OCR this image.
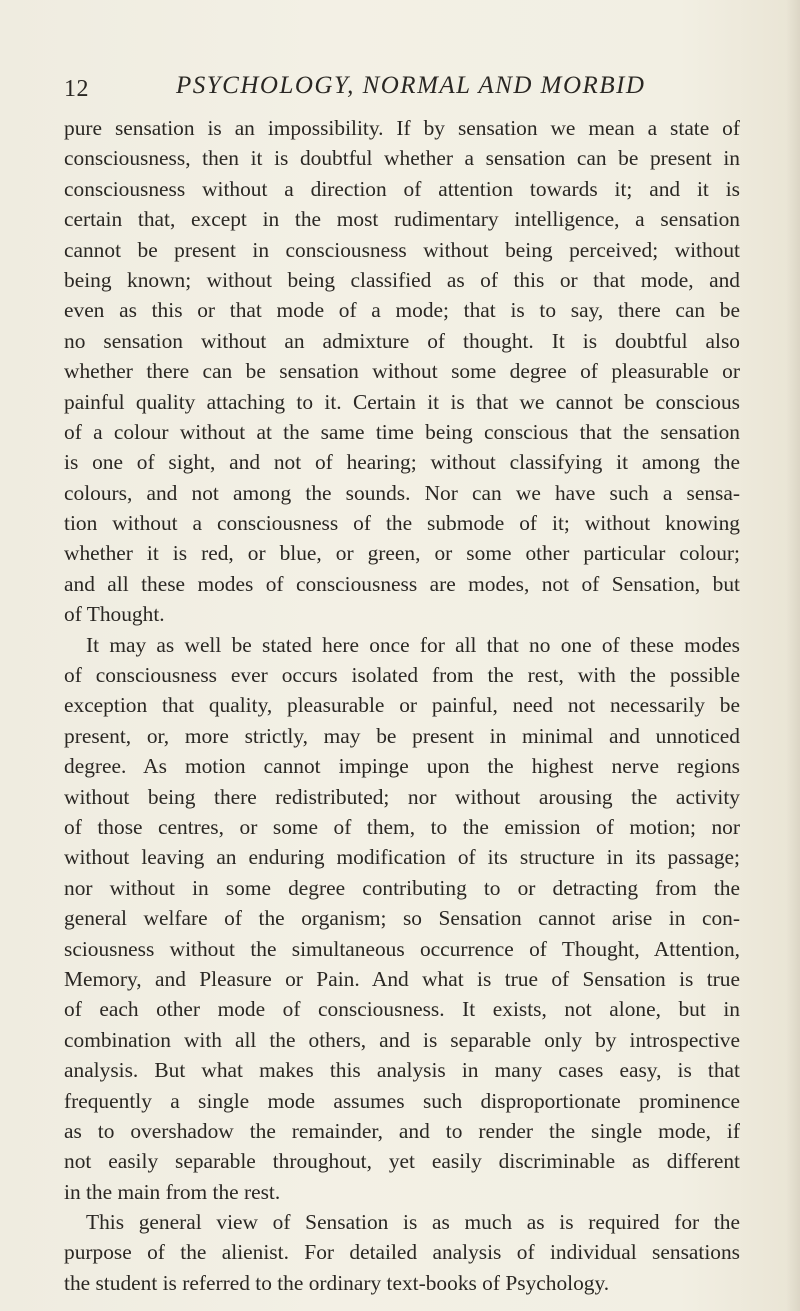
12	PSYCHOLOGY, NORMAL AND MORBID
pure sensation is an impossibility. If by sensation we mean a state of
consciousness, then it is doubtful whether a sensation can be present in
consciousness without a direction of attention towards it; and it is
certain that, except in the most rudimentary intelligence, a sensation
cannot be present in consciousness without being perceived; without
being known; without being classified as of this or that mode, and
even as this or that mode of a mode; that is to say, there can be
no sensation without an admixture of thought. It is doubtful also
whether there can be sensation without some degree of pleasurable or
painful quality attaching to it. Certain it is that we cannot be conscious
of a colour without at the same time being conscious that the sensation
is one of sight, and not of hearing; without classifying it among the
colours, and not among the sounds. Nor can we have such a sensa-
tion without a consciousness of the submode of it; without knowing
whether it is red, or blue, or green, or some other particular colour;
and all these modes of consciousness are modes, not of Sensation, but
of Thought.
It may as well be stated here once for all that no one of these modes
of consciousness ever occurs isolated from the rest, with the possible
exception that quality, pleasurable or painful, need not necessarily be
present, or, more strictly, may be present in minimal and unnoticed
degree. As motion cannot impinge upon the highest nerve regions
without being there redistributed; nor without arousing the activity
of those centres, or some of them, to the emission of motion; nor
without leaving an enduring modification of its structure in its passage;
nor without in some degree contributing to or detracting from the
general welfare of the organism; so Sensation cannot arise in con-
sciousness without the simultaneous occurrence of Thought, Attention,
Memory, and Pleasure or Pain. And what is true of Sensation is true
of each other mode of consciousness. It exists, not alone, but in
combination with all the others, and is separable only by introspective
analysis. But what makes this analysis in many cases easy, is that
frequently a single mode assumes such disproportionate prominence
as to overshadow the remainder, and to render the single mode, if
not easily separable throughout, yet easily discriminable as different
in the main from the rest.
This general view of Sensation is as much as is required for the
purpose of the alienist. For detailed analysis of individual sensations
the student is referred to the ordinary text-books of Psychology.
